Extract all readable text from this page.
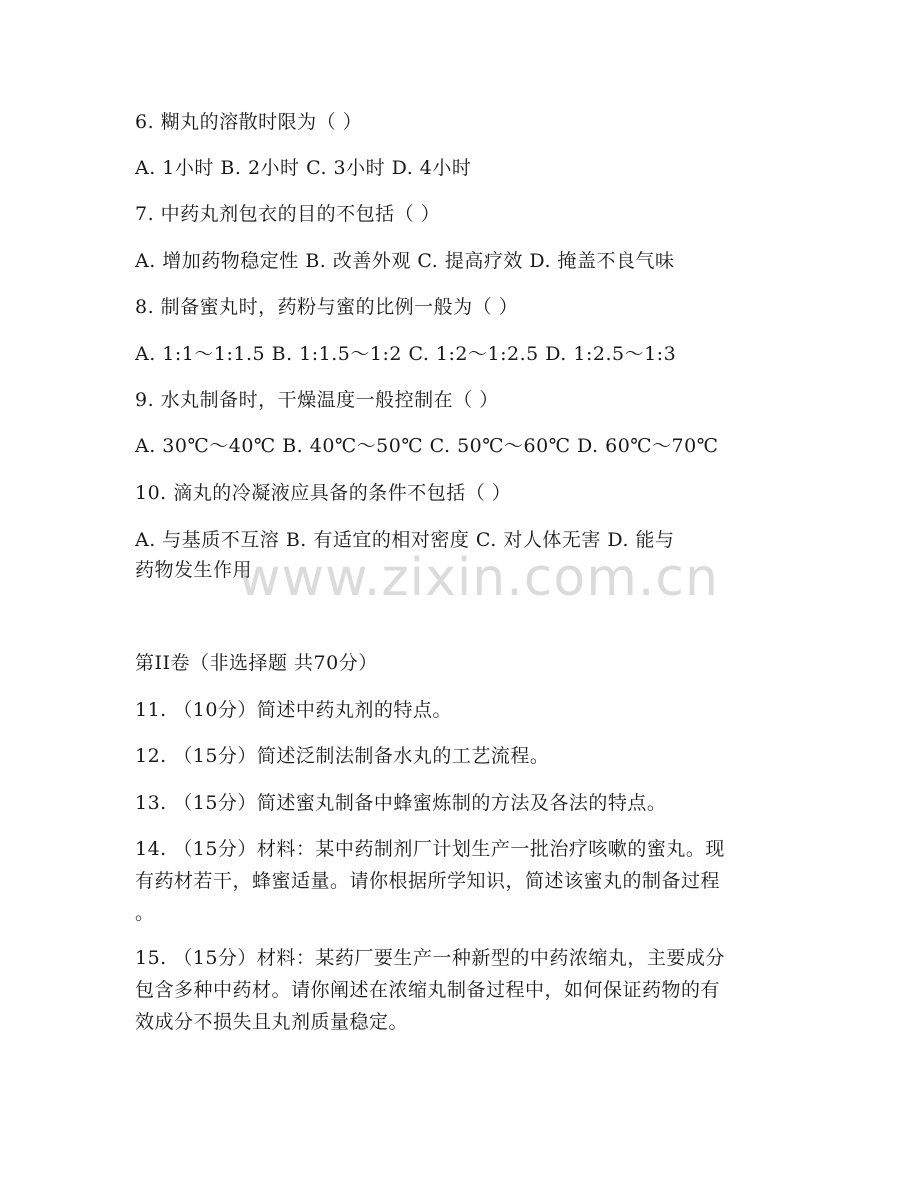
6. 糊丸的溶散时限为（ ）
A. 1小时 B. 2小时 C. 3小时 D. 4小时
7. 中药丸剂包衣的目的不包括（ ）
A. 增加药物稳定性 B. 改善外观 C. 提高疗效 D. 掩盖不良气味
8. 制备蜜丸时，药粉与蜜的比例一般为（ ）
A. 1:1～1:1.5 B. 1:1.5～1:2 C. 1:2～1:2.5 D. 1:2.5～1:3
9. 水丸制备时，干燥温度一般控制在（ ）
A. 30℃～40℃ B. 40℃～50℃ C. 50℃～60℃ D. 60℃～70℃
10. 滴丸的冷凝液应具备的条件不包括（ ）
A. 与基质不互溶 B. 有适宜的相对密度 C. 对人体无害 D. 能与
药物发生作用
www.zixin.com.cn
第II卷（非选择题 共70分）
11. （10分）简述中药丸剂的特点。
12. （15分）简述泛制法制备水丸的工艺流程。
13. （15分）简述蜜丸制备中蜂蜜炼制的方法及各法的特点。
14. （15分）材料：某中药制剂厂计划生产一批治疗咳嗽的蜜丸。现
有药材若干，蜂蜜适量。请你根据所学知识，简述该蜜丸的制备过程
。
15. （15分）材料：某药厂要生产一种新型的中药浓缩丸，主要成分
包含多种中药材。请你阐述在浓缩丸制备过程中，如何保证药物的有
效成分不损失且丸剂质量稳定。
